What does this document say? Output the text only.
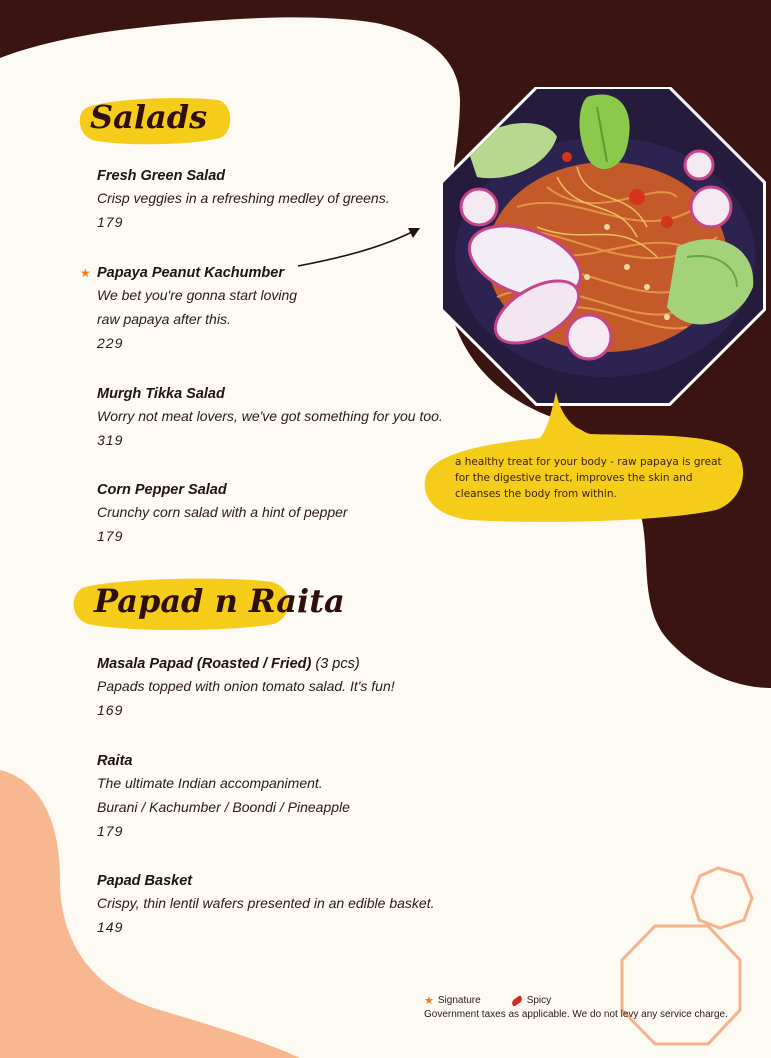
Salads
Papad n Raita
★
Fresh Green Salad
Crisp veggies in a refreshing medley of greens.
179
Papaya Peanut Kachumber
We bet you're gonna start loving
raw papaya after this.
229
Murgh Tikka Salad
Worry not meat lovers, we've got something for you too.
319
Corn Pepper Salad
Crunchy corn salad with a hint of pepper
179
Masala Papad (Roasted / Fried) (3 pcs)
Papads topped with onion tomato salad. It's fun!
169
Raita
The ultimate Indian accompaniment.
Burani / Kachumber / Boondi / Pineapple
179
Papad Basket
Crispy, thin lentil wafers presented in an edible basket.
149
a healthy treat for your body - raw papaya is great for the digestive tract, improves the skin and cleanses the body from within.
★ Signature	Spicy
Government taxes as applicable. We do not levy any service charge.
